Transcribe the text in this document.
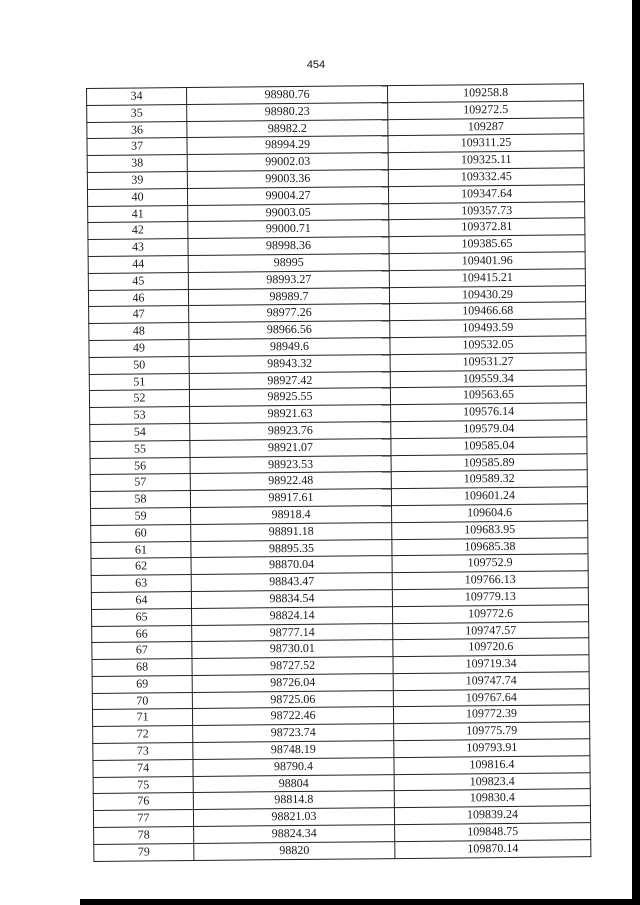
454
34	98980.76	109258.8
35	98980.23	109272.5
36	98982.2	109287
37	98994.29	109311.25
38	99002.03	109325.11
39	99003.36	109332.45
40	99004.27	109347.64
41	99003.05	109357.73
42	99000.71	109372.81
43	98998.36	109385.65
44	98995	109401.96
45	98993.27	109415.21
46	98989.7	109430.29
47	98977.26	109466.68
48	98966.56	109493.59
49	98949.6	109532.05
50	98943.32	109531.27
51	98927.42	109559.34
52	98925.55	109563.65
53	98921.63	109576.14
54	98923.76	109579.04
55	98921.07	109585.04
56	98923.53	109585.89
57	98922.48	109589.32
58	98917.61	109601.24
59	98918.4	109604.6
60	98891.18	109683.95
61	98895.35	109685.38
62	98870.04	109752.9
63	98843.47	109766.13
64	98834.54	109779.13
65	98824.14	109772.6
66	98777.14	109747.57
67	98730.01	109720.6
68	98727.52	109719.34
69	98726.04	109747.74
70	98725.06	109767.64
71	98722.46	109772.39
72	98723.74	109775.79
73	98748.19	109793.91
74	98790.4	109816.4
75	98804	109823.4
76	98814.8	109830.4
77	98821.03	109839.24
78	98824.34	109848.75
79	98820	109870.14
